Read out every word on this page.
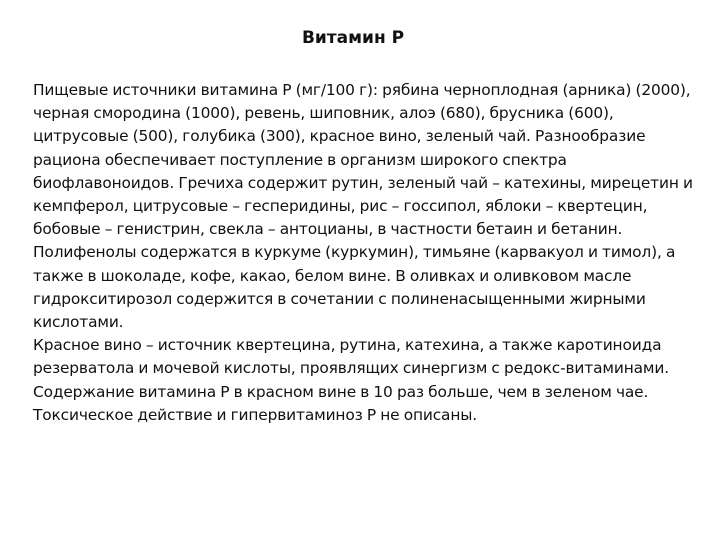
Витамин Р

Пищевые источники витамина Р (мг/100 г): рябина черноплодная (арника) (2000), черная смородина (1000), ревень, шиповник, алоэ (680), брусника (600), цитрусовые (500), голубика (300), красное вино, зеленый чай. Разнообразие рациона обеспечивает поступление в организм широкого спектра биофлавоноидов. Гречиха содержит рутин, зеленый чай – катехины, мирецетин и кемпферол, цитрусовые – гесперидины, рис – госсипол, яблоки – квертецин, бобовые – генистрин, свекла – антоцианы, в частности бетаин и бетанин. Полифенолы содержатся в куркуме (куркумин), тимьяне (карвакуол и тимол), а также в шоколаде, кофе, какао, белом вине. В оливках и оливковом масле гидрокситирозол содержится в сочетании с полиненасыщенными жирными кислотами.

Красное вино – источник квертецина, рутина, катехина, а также каротиноида резерватола и мочевой кислоты, проявлящих синергизм с редокс-витаминами. Содержание витамина Р в красном вине в 10 раз больше, чем в зеленом чае.

Токсическое действие и гипервитаминоз Р не описаны.
